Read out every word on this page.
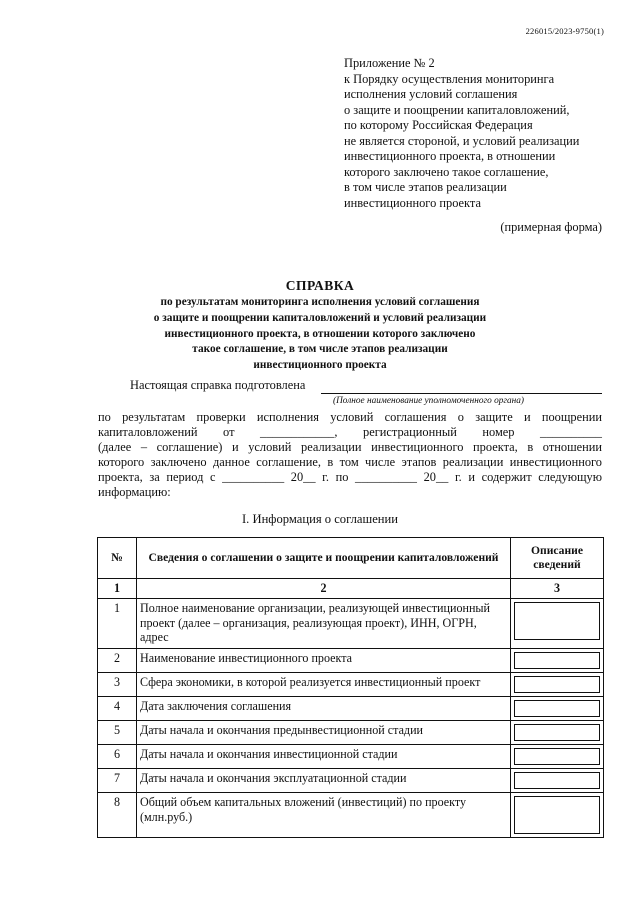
226015/2023-9750(1)
Приложение № 2
к Порядку осуществления мониторинга
исполнения условий соглашения
о защите и поощрении капиталовложений,
по которому Российская Федерация
не является стороной, и условий реализации
инвестиционного проекта, в отношении
которого заключено такое соглашение,
в том числе этапов реализации
инвестиционного проекта
(примерная форма)
СПРАВКА
по результатам мониторинга исполнения условий соглашения
о защите и поощрении капиталовложений и условий реализации
инвестиционного проекта, в отношении которого заключено
такое соглашение, в том числе этапов реализации
инвестиционного проекта
Настоящая справка подготовлена
(Полное наименование уполномоченного органа)
по результатам проверки исполнения условий соглашения о защите и поощрении
капиталовложений от ____________, регистрационный номер __________
(далее – соглашение) и условий реализации инвестиционного проекта, в отношении
которого заключено данное соглашение, в том числе этапов реализации инвестиционного
проекта, за период с __________ 20__ г. по __________ 20__ г. и содержит следующую
информацию:
I. Информация о соглашении
№	Сведения о соглашении о защите и поощрении капиталовложений	Описание сведений
1	2	3
1	Полное наименование организации, реализующей инвестиционный проект (далее – организация, реализующая проект), ИНН, ОГРН, адрес	

2	Наименование инвестиционного проекта	

3	Сфера экономики, в которой реализуется инвестиционный проект	

4	Дата заключения соглашения	

5	Даты начала и окончания предынвестиционной стадии	

6	Даты начала и окончания инвестиционной стадии	

7	Даты начала и окончания эксплуатационной стадии	

8	Общий объем капитальных вложений (инвестиций) по проекту (млн.руб.)	
